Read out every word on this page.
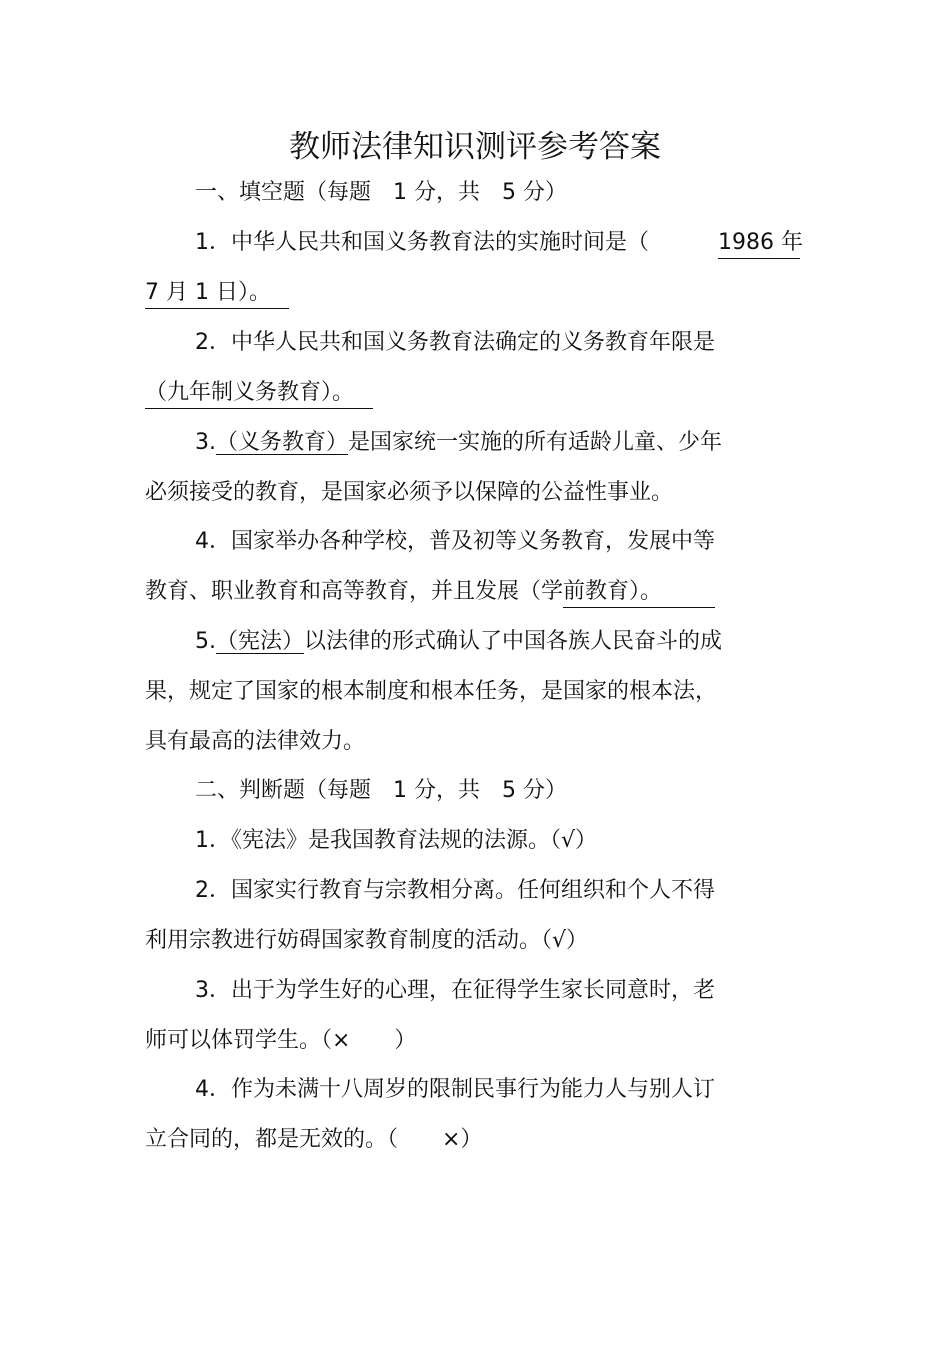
教师法律知识测评参考答案
一、填空题（每题　1 分，共　5 分）
1．中华人民共和国义务教育法的实施时间是（	1986 年
7 月 1 日）。
2．中华人民共和国义务教育法确定的义务教育年限是
（九年制义务教育）。
3.（义务教育）是国家统一实施的所有适龄儿童、少年
必须接受的教育，是国家必须予以保障的公益性事业。
4．国家举办各种学校，普及初等义务教育，发展中等
教育、职业教育和高等教育，并且发展（学前教育）。
5.（宪法）以法律的形式确认了中国各族人民奋斗的成
果，规定了国家的根本制度和根本任务，是国家的根本法，
具有最高的法律效力。
二、判断题（每题　1 分，共　5 分）
1．《宪法》是我国教育法规的法源。（√）
2．国家实行教育与宗教相分离。任何组织和个人不得
利用宗教进行妨碍国家教育制度的活动。（√）
3．出于为学生好的心理，在征得学生家长同意时，老
师可以体罚学生。（×　　）
4．作为未满十八周岁的限制民事行为能力人与别人订
立合同的，都是无效的。（　　×）
